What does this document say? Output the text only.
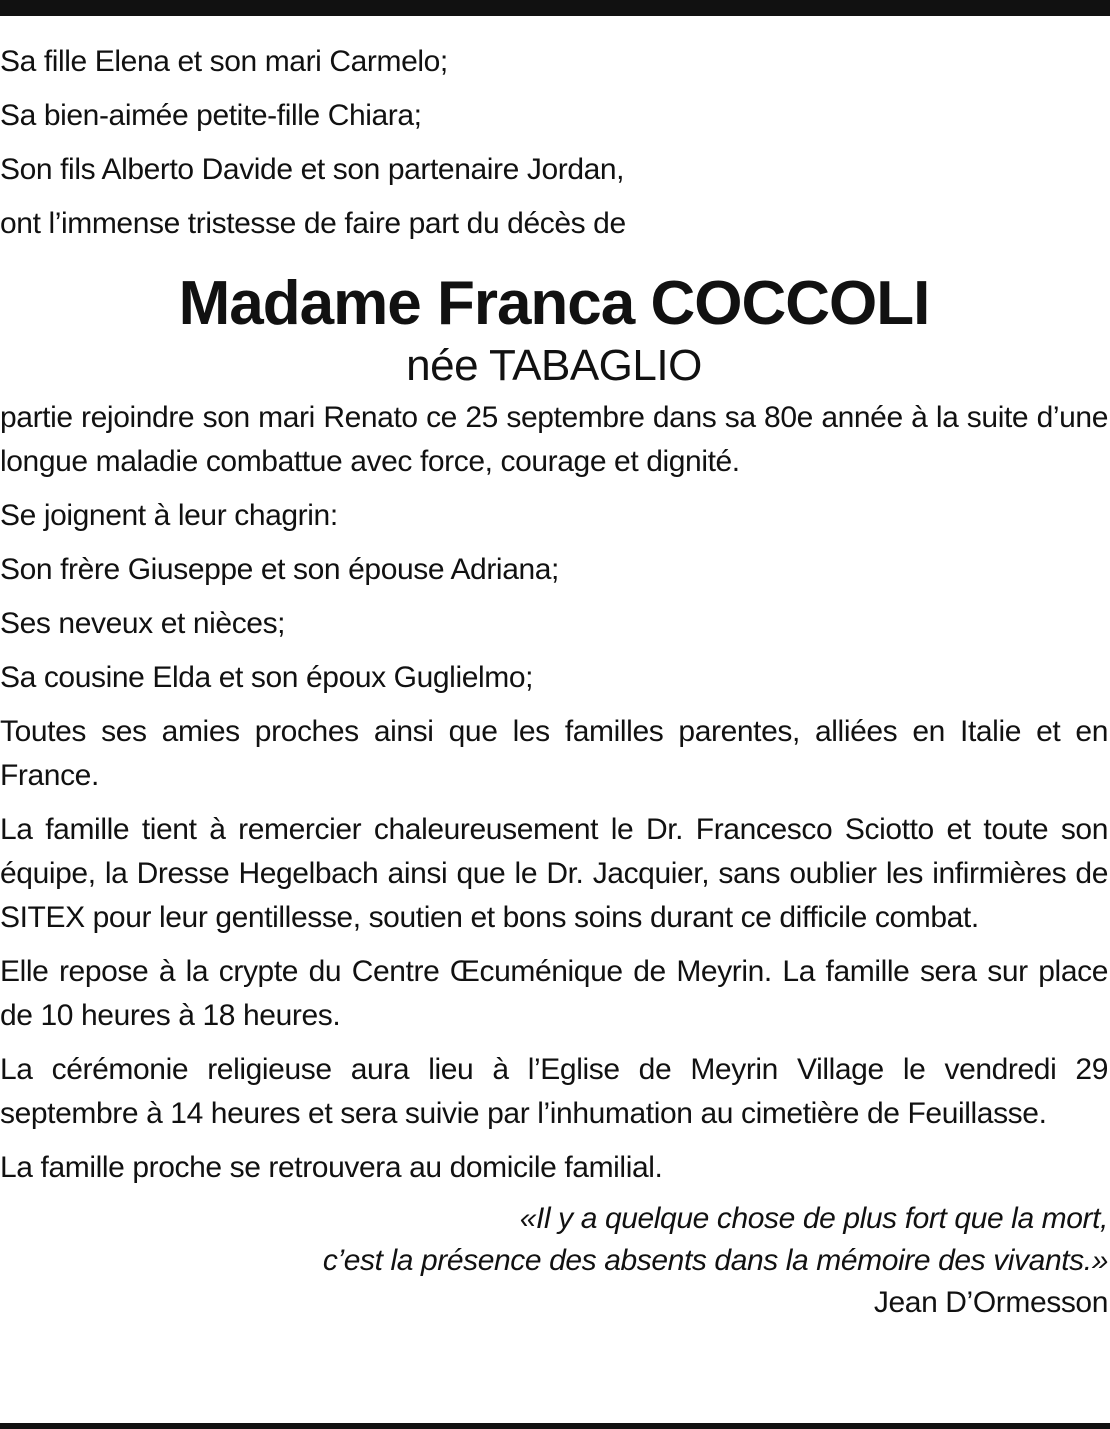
Sa fille Elena et son mari Carmelo;

Sa bien-aimée petite-fille Chiara;

Son fils Alberto Davide et son partenaire Jordan,

ont l’immense tristesse de faire part du décès de

Madame Franca COCCOLI

née TABAGLIO

partie rejoindre son mari Renato ce 25 septembre dans sa 80e année à la suite d’une longue maladie combattue avec force, courage et dignité.

Se joignent à leur chagrin:

Son frère Giuseppe et son épouse Adriana;

Ses neveux et nièces;

Sa cousine Elda et son époux Guglielmo;

Toutes ses amies proches ainsi que les familles parentes, alliées en Italie et en France.

La famille tient à remercier chaleureusement le Dr. Francesco Sciotto et toute son équipe, la Dresse Hegelbach ainsi que le Dr. Jacquier, sans oublier les infirmières de SITEX pour leur gentillesse, soutien et bons soins durant ce difficile combat.

Elle repose à la crypte du Centre Œcuménique de Meyrin. La famille sera sur place de 10 heures à 18 heures.

La cérémonie religieuse aura lieu à l’Eglise de Meyrin Village le vendredi 29 septembre à 14 heures et sera suivie par l’inhumation au cimetière de Feuillasse.

La famille proche se retrouvera au domicile familial.

«Il y a quelque chose de plus fort que la mort,

c’est la présence des absents dans la mémoire des vivants.»

Jean D’Ormesson
